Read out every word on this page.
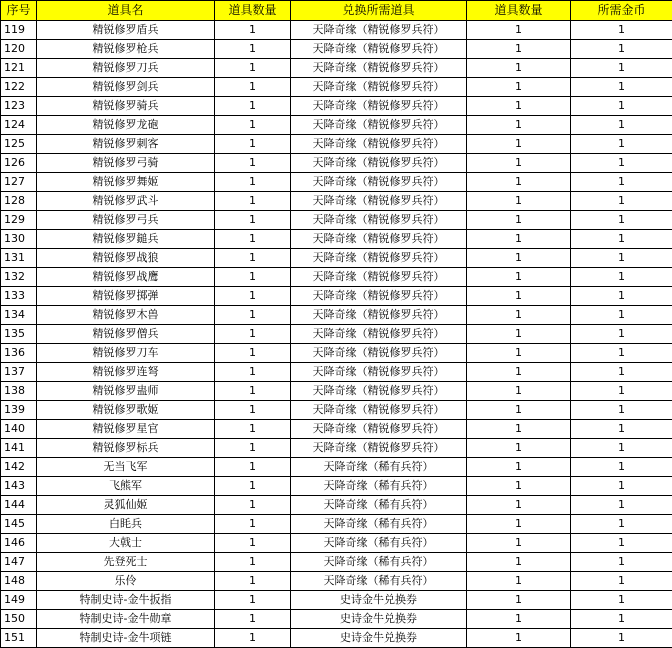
序号	道具名	道具数量	兑换所需道具	道具数量	所需金币
119	精锐修罗盾兵	1	天降奇缘（精锐修罗兵符）	1	1
120	精锐修罗枪兵	1	天降奇缘（精锐修罗兵符）	1	1
121	精锐修罗刀兵	1	天降奇缘（精锐修罗兵符）	1	1
122	精锐修罗剑兵	1	天降奇缘（精锐修罗兵符）	1	1
123	精锐修罗骑兵	1	天降奇缘（精锐修罗兵符）	1	1
124	精锐修罗龙砲	1	天降奇缘（精锐修罗兵符）	1	1
125	精锐修罗刺客	1	天降奇缘（精锐修罗兵符）	1	1
126	精锐修罗弓骑	1	天降奇缘（精锐修罗兵符）	1	1
127	精锐修罗舞姬	1	天降奇缘（精锐修罗兵符）	1	1
128	精锐修罗武斗	1	天降奇缘（精锐修罗兵符）	1	1
129	精锐修罗弓兵	1	天降奇缘（精锐修罗兵符）	1	1
130	精锐修罗鎚兵	1	天降奇缘（精锐修罗兵符）	1	1
131	精锐修罗战狼	1	天降奇缘（精锐修罗兵符）	1	1
132	精锐修罗战鹰	1	天降奇缘（精锐修罗兵符）	1	1
133	精锐修罗掷弹	1	天降奇缘（精锐修罗兵符）	1	1
134	精锐修罗木兽	1	天降奇缘（精锐修罗兵符）	1	1
135	精锐修罗僧兵	1	天降奇缘（精锐修罗兵符）	1	1
136	精锐修罗刀车	1	天降奇缘（精锐修罗兵符）	1	1
137	精锐修罗连弩	1	天降奇缘（精锐修罗兵符）	1	1
138	精锐修罗蛊师	1	天降奇缘（精锐修罗兵符）	1	1
139	精锐修罗歌姬	1	天降奇缘（精锐修罗兵符）	1	1
140	精锐修罗星官	1	天降奇缘（精锐修罗兵符）	1	1
141	精锐修罗标兵	1	天降奇缘（精锐修罗兵符）	1	1
142	无当飞军	1	天降奇缘（稀有兵符）	1	1
143	飞熊军	1	天降奇缘（稀有兵符）	1	1
144	灵狐仙姬	1	天降奇缘（稀有兵符）	1	1
145	白眊兵	1	天降奇缘（稀有兵符）	1	1
146	大戟士	1	天降奇缘（稀有兵符）	1	1
147	先登死士	1	天降奇缘（稀有兵符）	1	1
148	乐伶	1	天降奇缘（稀有兵符）	1	1
149	特制史诗-金牛扳指	1	史诗金牛兑换券	1	1
150	特制史诗-金牛勋章	1	史诗金牛兑换券	1	1
151	特制史诗-金牛项链	1	史诗金牛兑换券	1	1
